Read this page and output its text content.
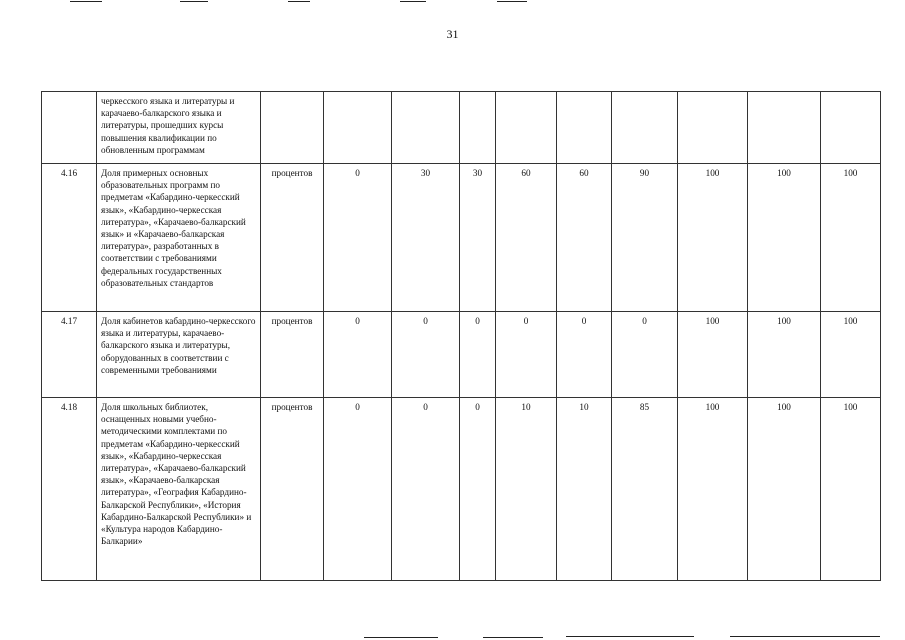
31
	черкесского языка и литературы и карачаево-балкарского языка и литературы, прошедших курсы повышения квалификации по обновленным программам										
4.16	Доля примерных основных образовательных программ по предметам «Кабардино-черкесский язык», «Кабардино-черкесская литература», «Карачаево-балкарский язык» и «Карачаево-балкарская литература», разработанных в соответствии с требованиями федеральных государственных образовательных стандартов	процентов	0	30	30	60	60	90	100	100	100
4.17	Доля кабинетов кабардино-черкесского языка и литературы, карачаево-балкарского языка и литературы, оборудованных в соответствии с современными требованиями	процентов	0	0	0	0	0	0	100	100	100
4.18	Доля школьных библиотек, оснащенных новыми учебно-методическими комплектами по предметам «Кабардино-черкесский язык», «Кабардино-черкесская литература», «Карачаево-балкарский язык», «Карачаево-балкарская литература», «География Кабардино-Балкарской Республики», «История Кабардино-Балкарской Республики» и «Культура народов Кабардино-Балкарии»	процентов	0	0	0	10	10	85	100	100	100
